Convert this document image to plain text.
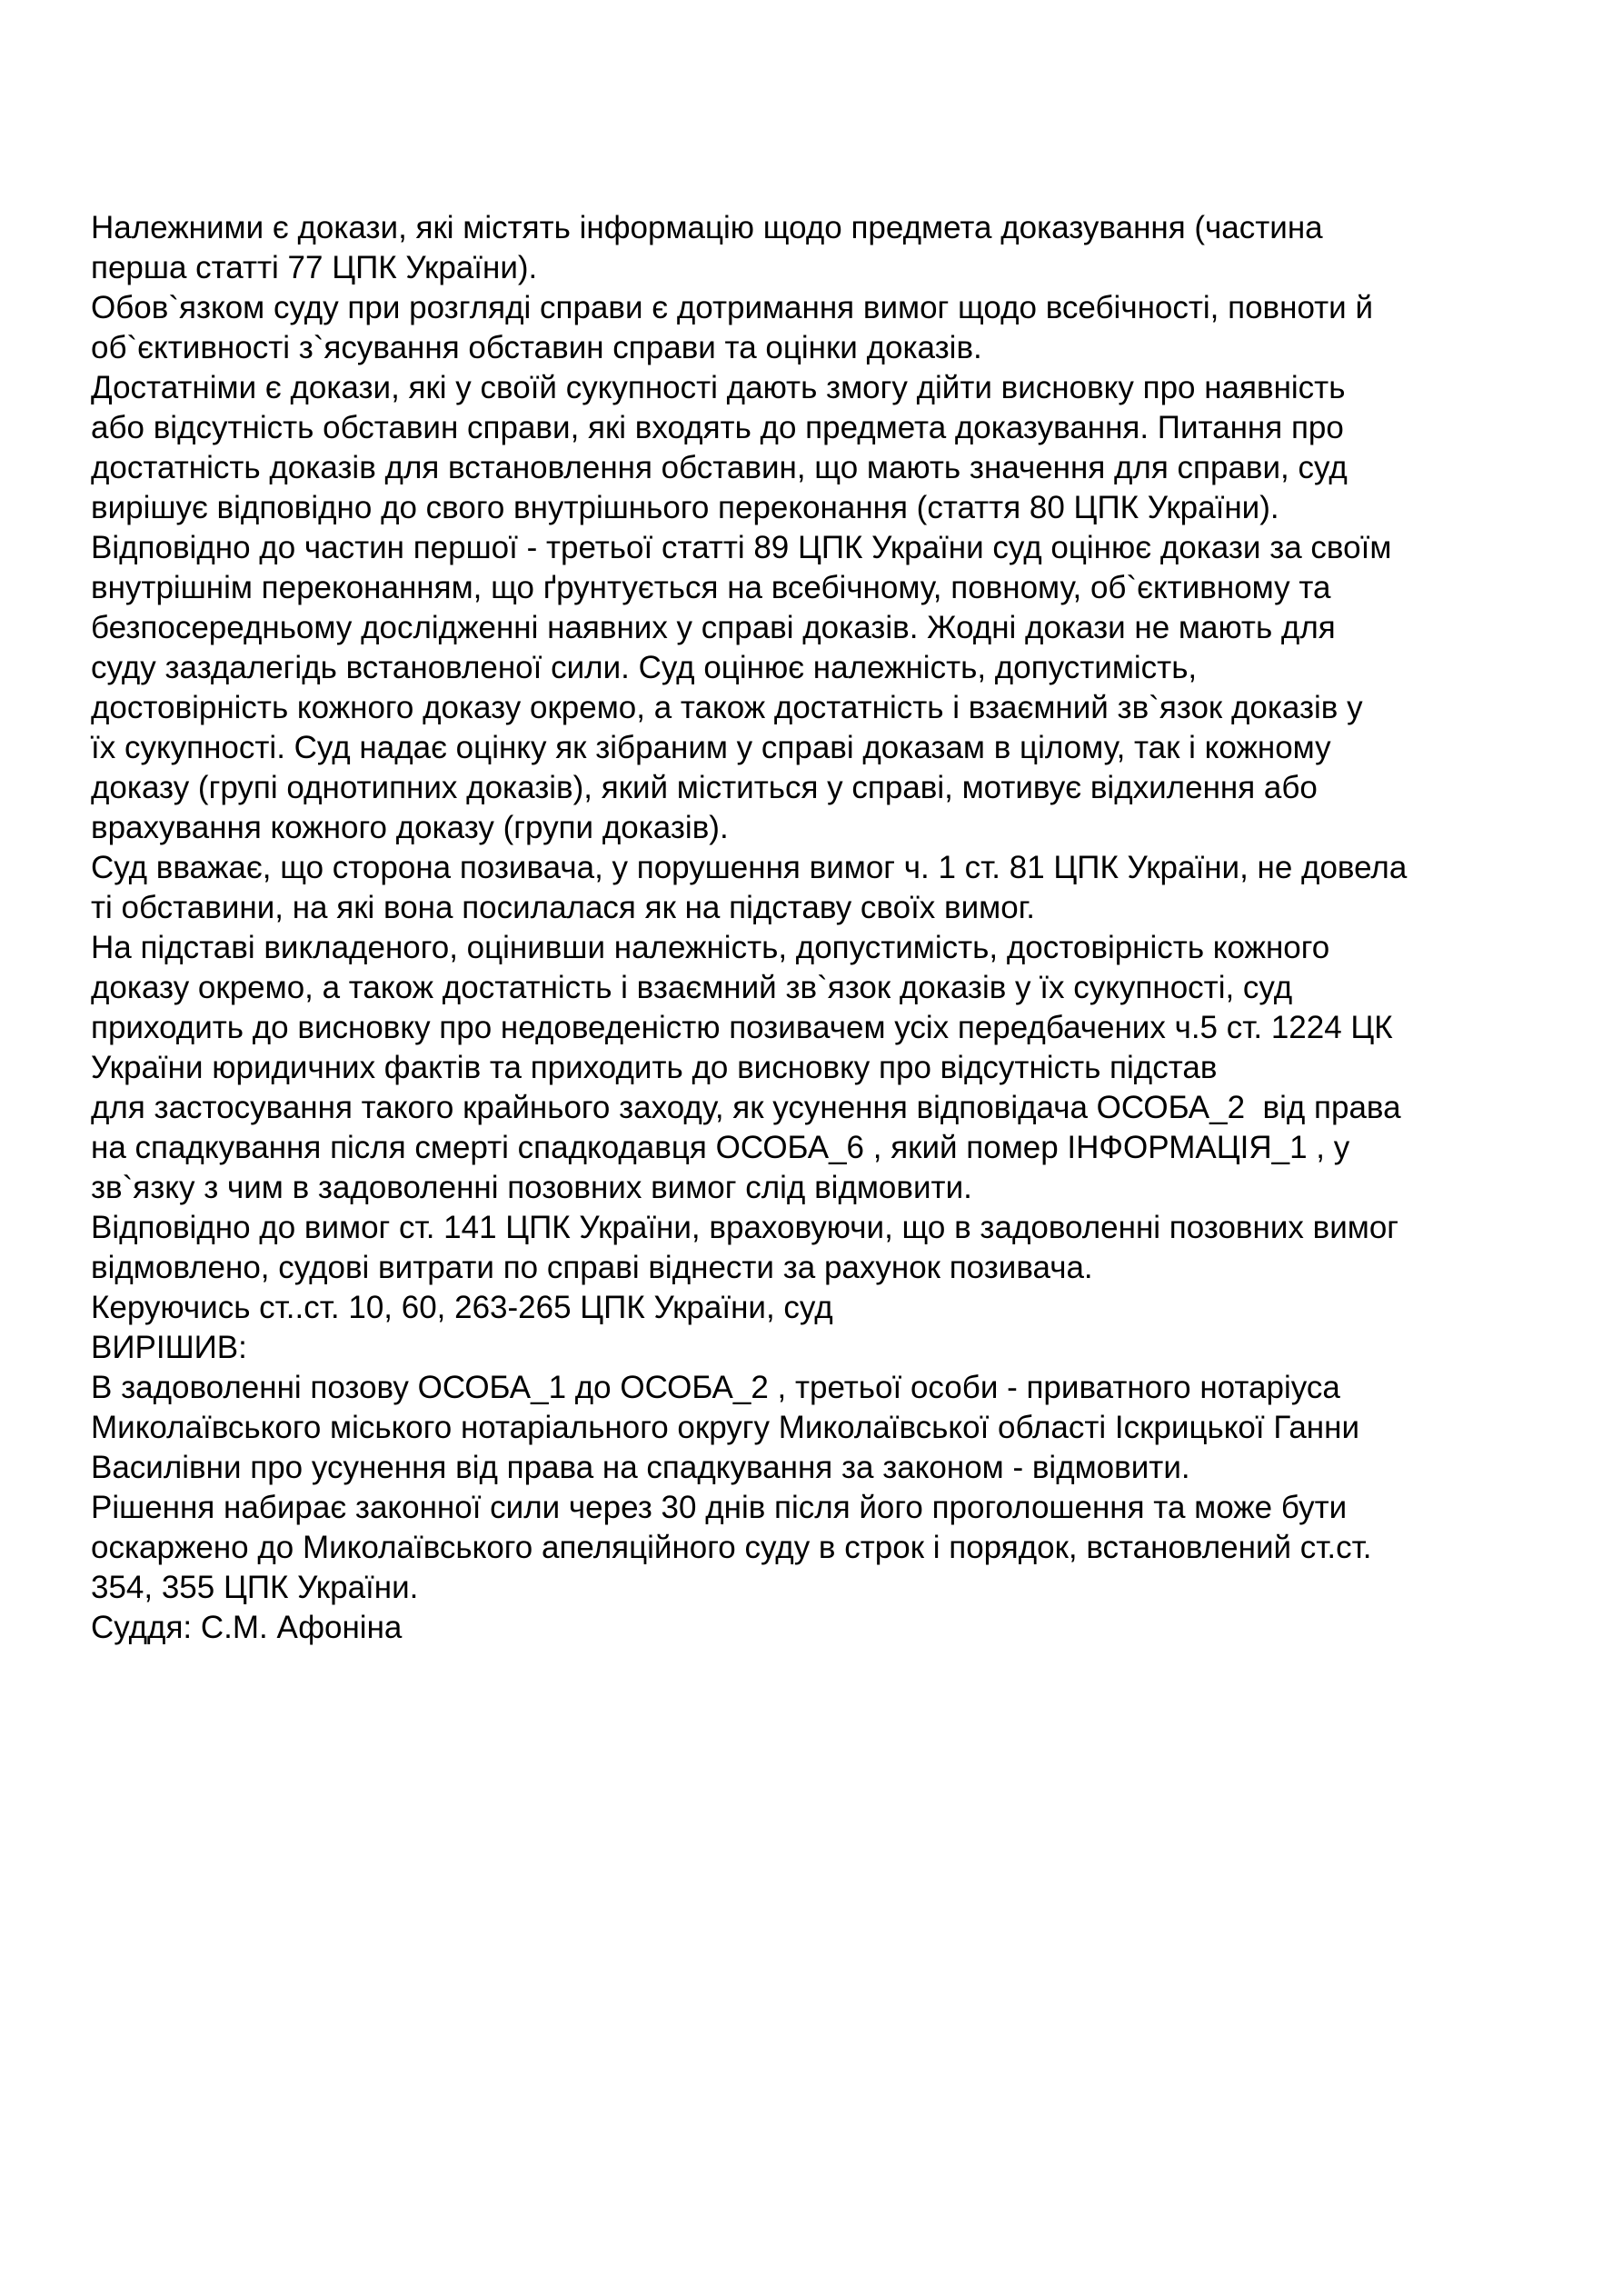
Належними є докази, які містять інформацію щодо предмета доказування (частина
перша статті 77 ЦПК України).
Обов`язком суду при розгляді справи є дотримання вимог щодо всебічності, повноти й
об`єктивності з`ясування обставин справи та оцінки доказів.
Достатніми є докази, які у своїй сукупності дають змогу дійти висновку про наявність
або відсутність обставин справи, які входять до предмета доказування. Питання про
достатність доказів для встановлення обставин, що мають значення для справи, суд
вирішує відповідно до свого внутрішнього переконання (стаття 80 ЦПК України).
Відповідно до частин першої - третьої статті 89 ЦПК України суд оцінює докази за своїм
внутрішнім переконанням, що ґрунтується на всебічному, повному, об`єктивному та
безпосередньому дослідженні наявних у справі доказів. Жодні докази не мають для
суду заздалегідь встановленої сили. Суд оцінює належність, допустимість,
достовірність кожного доказу окремо, а також достатність і взаємний зв`язок доказів у
їх сукупності. Суд надає оцінку як зібраним у справі доказам в цілому, так і кожному
доказу (групі однотипних доказів), який міститься у справі, мотивує відхилення або
врахування кожного доказу (групи доказів).
Суд вважає, що сторона позивача, у порушення вимог ч. 1 ст. 81 ЦПК України, не довела
ті обставини, на які вона посилалася як на підставу своїх вимог.
На підставі викладеного, оцінивши належність, допустимість, достовірність кожного
доказу окремо, а також достатність і взаємний зв`язок доказів у їх сукупності, суд
приходить до висновку про недоведеністю позивачем усіх передбачених ч.5 ст. 1224 ЦК
України юридичних фактів та приходить до висновку про відсутність підстав
для застосування такого крайнього заходу, як усунення відповідача ОСОБА_2  від права
на спадкування після смерті спадкодавця ОСОБА_6 , який помер ІНФОРМАЦІЯ_1 , у
зв`язку з чим в задоволенні позовних вимог слід відмовити.
Відповідно до вимог ст. 141 ЦПК України, враховуючи, що в задоволенні позовних вимог
відмовлено, судові витрати по справі віднести за рахунок позивача.
Керуючись ст..ст. 10, 60, 263-265 ЦПК України, суд
ВИРІШИВ:
В задоволенні позову ОСОБА_1 до ОСОБА_2 , третьої особи - приватного нотаріуса
Миколаївського міського нотаріального округу Миколаївської області Іскрицької Ганни
Василівни про усунення від права на спадкування за законом - відмовити.
Рішення набирає законної сили через 30 днів після його проголошення та може бути
оскаржено до Миколаївського апеляційного суду в строк і порядок, встановлений ст.ст.
354, 355 ЦПК України.
Суддя: С.М. Афоніна
